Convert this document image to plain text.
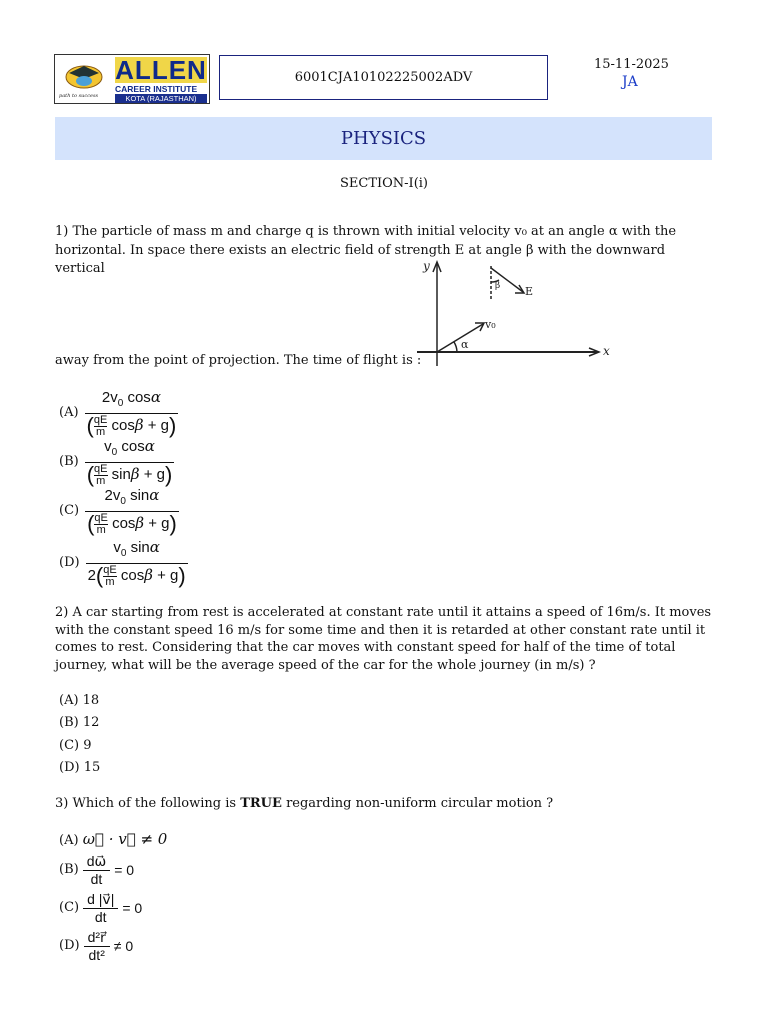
ALLEN
CAREER INSTITUTE
KOTA (RAJASTHAN)
path to success
6001CJA10102225002ADV
15-11-2025
JA
PHYSICS
SECTION-I(i)
1) The particle of mass m and charge q is thrown with initial velocity v₀ at an angle α with the
horizontal. In space there exists an electric field of strength E at angle β with the downward vertical
away from the point of projection. The time of flight is :
y
x
v₀
α
β E
$(A) \frac{2v_0 \cos\alpha}{( \frac{qE}{m} \cos\beta + g)}$
$(B) \frac{v_0 \cos\alpha}{( \frac{qE}{m} \sin\beta + g)}$
$(C) \frac{2v_0 \sin\alpha}{( \frac{qE}{m} \cos\beta + g)}$
$(D) \frac{v_0 \sin\alpha}{2( \frac{qE}{m} \cos\beta + g)}$
2) A car starting from rest is accelerated at constant rate until it attains a speed of 16m/s. It moves with the constant speed 16 m/s for some time and then it is retarded at other constant rate until it comes to rest. Considering that the car moves with constant speed for half of the time of total journey, what will be the average speed of the car for the whole journey (in m/s) ?
(A) 18
(B) 12
(C) 9
(D) 15
3) Which of the following is TRUE regarding non-uniform circular motion ?
(A) ω⃗ · v⃗ ≠ 0
$(B) \frac{d\omega⃗}{dt} = 0$
$(C) \frac{d |v⃗|}{dt} = 0$
$(D) \frac{\text{d²r⃗}}{\text{dt²}} \ne 0$
